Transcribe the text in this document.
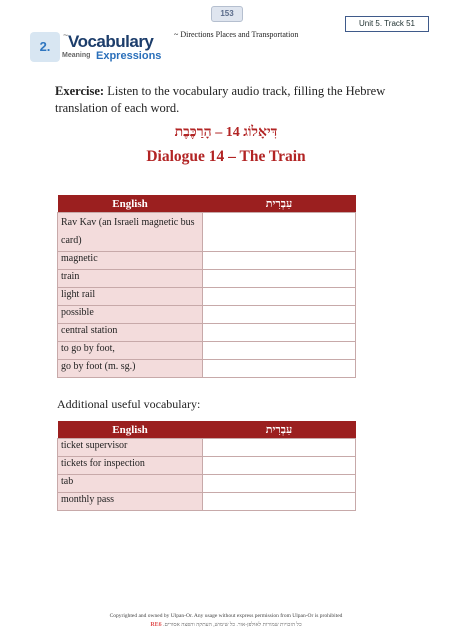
153
Unit 5. Track 51
2.
~ Vocabulary
Meaning Expressions
~ Directions Places and Transportation
Exercise: Listen to the vocabulary audio track, filling the Hebrew translation of each word.
דִּיאָלוֹג 14 – הָרַכֶּבֶת
Dialogue 14 – The Train
English	עִבְרִית
Rav Kav (an Israeli magnetic bus card)	
magnetic	
train	
light rail	
possible	
central station	
to go by foot,	
go by foot (m. sg.)	
Additional useful vocabulary:
English	עִבְרִית
ticket supervisor	
tickets for inspection	
tab	
monthly pass	
Copyrighted and owned by Ulpan-Or. Any usage without express permission from Ulpan-Or is prohibited
כל הזכויות שמורות לאולפן-אור. כל שימוש, העתקה והפצה אסורים. RE6
